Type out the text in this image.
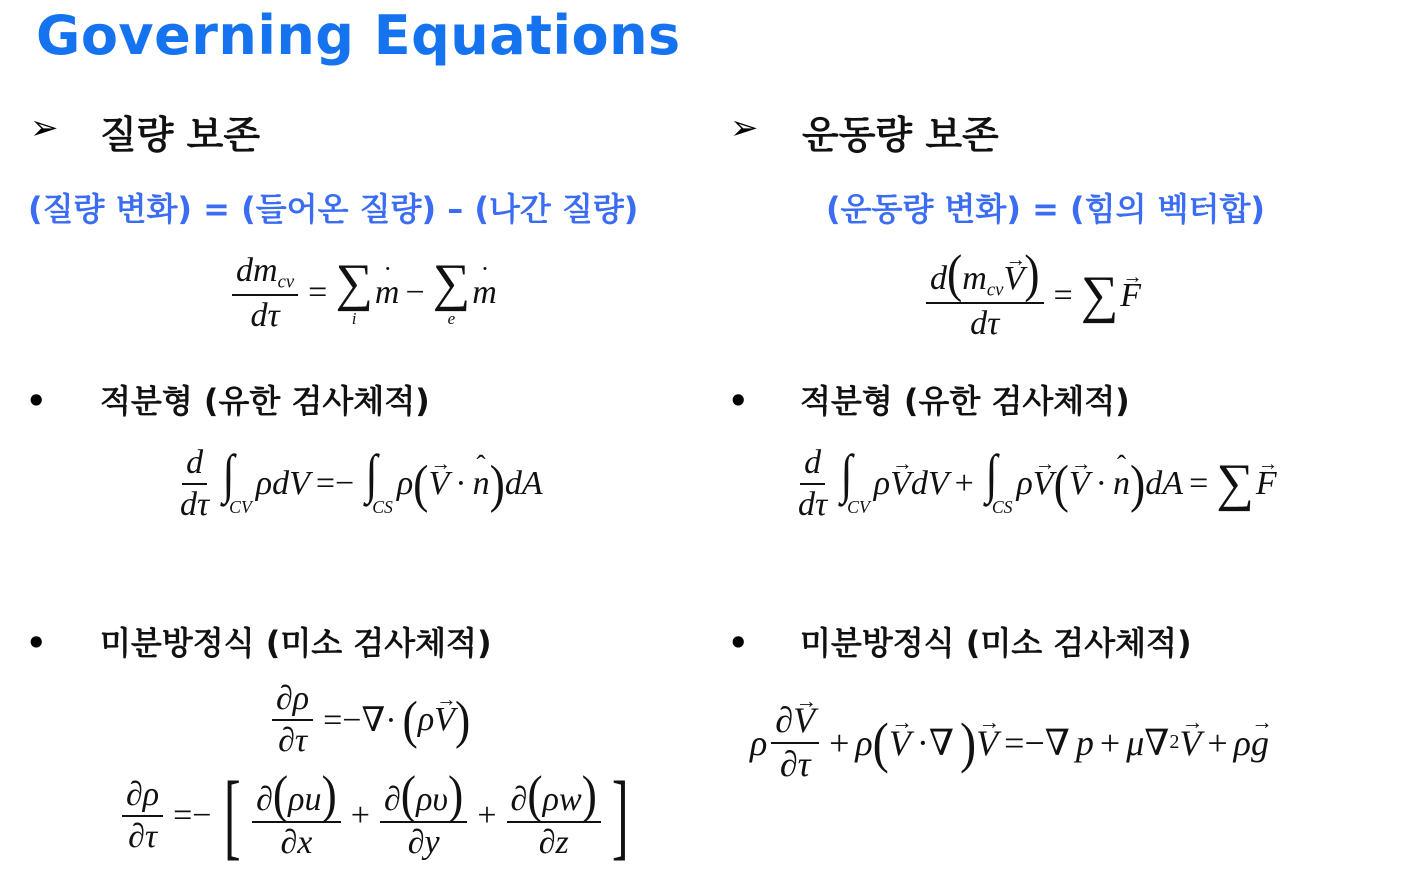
Governing Equations
➢ 질량 보존
(질량 변화) = (들어온 질량) – (나간 질량)
$\frac{\text{dmcv}}{d\tau}$ = ∑
i
˙ m − ∑
e
˙ m
• 적분형 (유한 검사체적)
$\frac{d}{d\tau}$ ∫
CV
ρdV =− ∫
CS
ρ ( → V · ˆ n ) dA
• 미분방정식 (미소 검사체적)
$\frac{\partial\rho}{\partial\tau}$ =−∇· ( ρ → V )
$\frac{\partial\rho}{\partial\tau}$ =− [ $\frac{\partial(\rho u)}{\partial x} + \frac{\partial(\rho\upsilon)}{\partial y} + \frac{\partial(\rho w)}{\partial z}$ ]
➢ 운동량 보존
(운동량 변화) = (힘의 벡터합)
$\frac{\text{d(mcv→ V)}}{d\tau}$ = ∑ → F
• 적분형 (유한 검사체적)
$\frac{d}{d\tau}$ ∫
CV
ρ → V dV + ∫
CS
ρ → V ( → V · ˆ n ) dA = ∑ → F
• 미분방정식 (미소 검사체적)
ρ $\frac{\partial\to V}{\partial\tau} + \rho$ ( → V ·∇ ) → V =−∇ p + μ∇ 2 → V + ρ → g
